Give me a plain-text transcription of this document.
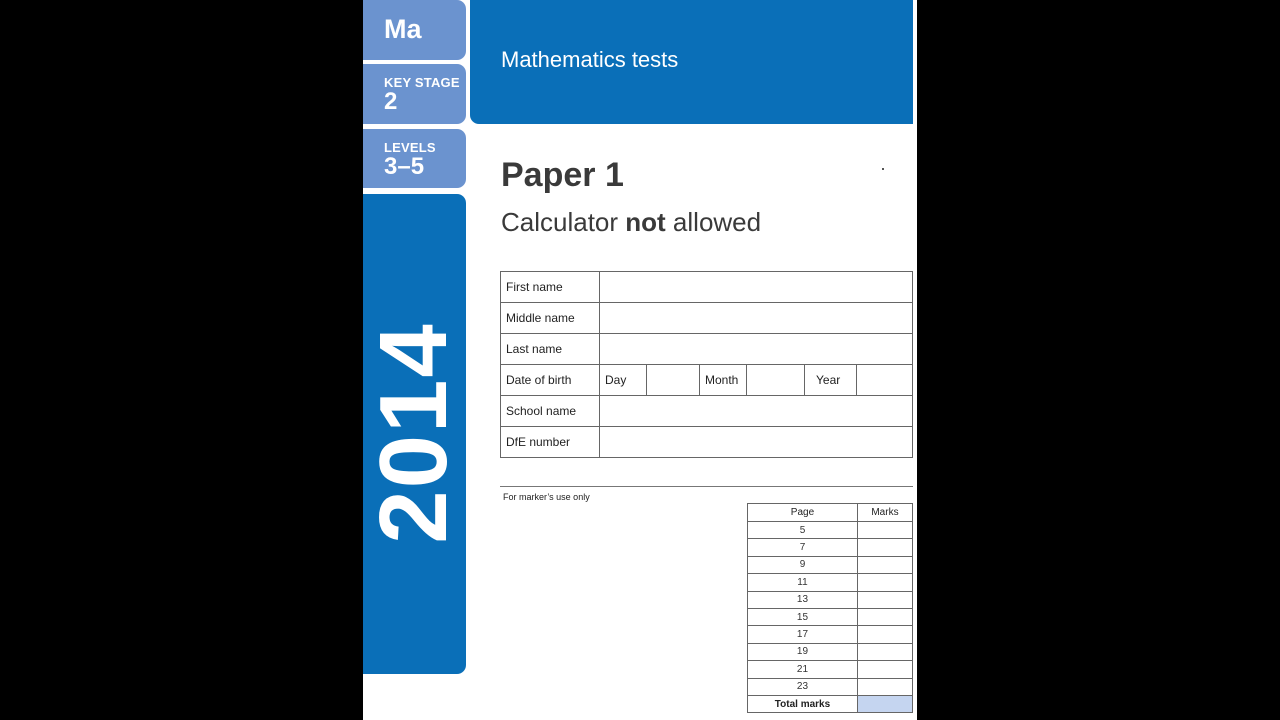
Ma
KEY STAGE
2
LEVELS
3–5
2014
Mathematics tests
Paper 1
Calculator not allowed
First name						
Middle name						
Last name						
Date of birth	Day		Month		Year	
School name						
DfE number						
For marker’s use only
Page	Marks
5	
7	
9	
11	
13	
15	
17	
19	
21	
23	
Total marks	
